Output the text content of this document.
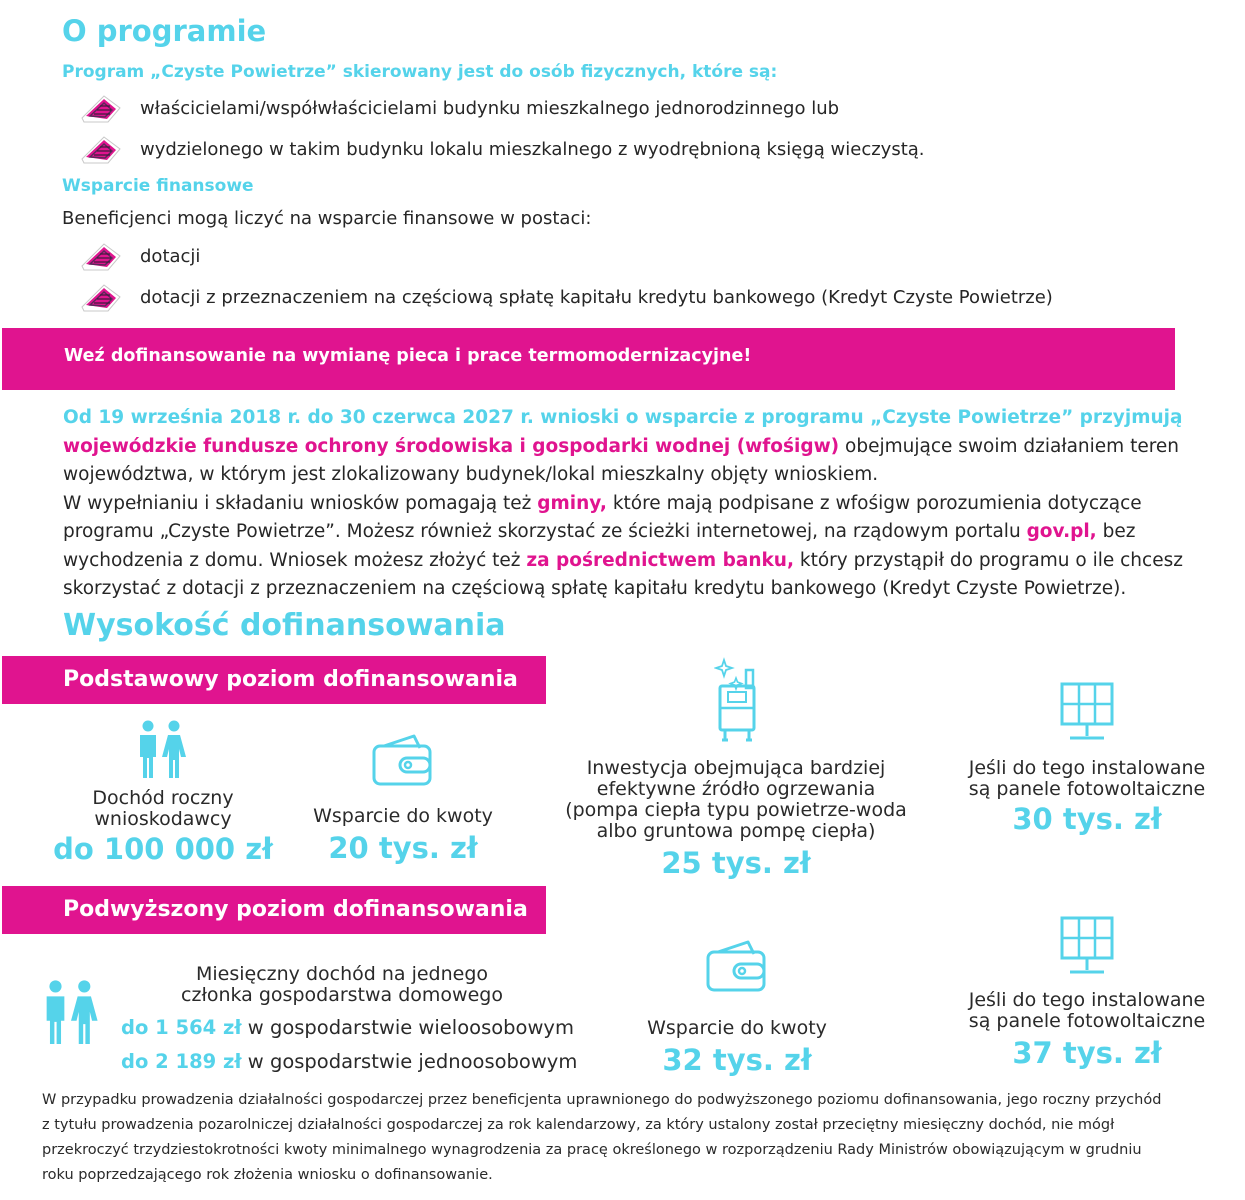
O programie
Program „Czyste Powietrze” skierowany jest do osób fizycznych, które są:
właścicielami/współwłaścicielami budynku mieszkalnego jednorodzinnego lub
wydzielonego w takim budynku lokalu mieszkalnego z wyodrębnioną księgą wieczystą.
Wsparcie finansowe
Beneficjenci mogą liczyć na wsparcie finansowe w postaci:
dotacji
dotacji z przeznaczeniem na częściową spłatę kapitału kredytu bankowego (Kredyt Czyste Powietrze)
Weź dofinansowanie na wymianę pieca i prace termomodernizacyjne!
Od 19 września 2018 r. do 30 czerwca 2027 r. wnioski o wsparcie z programu „Czyste Powietrze” przyjmują
wojewódzkie fundusze ochrony środowiska i gospodarki wodnej (wfośigw) obejmujące swoim działaniem teren
województwa, w którym jest zlokalizowany budynek/lokal mieszkalny objęty wnioskiem.
W wypełnianiu i składaniu wniosków pomagają też gminy, które mają podpisane z wfośigw porozumienia dotyczące
programu „Czyste Powietrze”. Możesz również skorzystać ze ścieżki internetowej, na rządowym portalu gov.pl, bez
wychodzenia z domu. Wniosek możesz złożyć też za pośrednictwem banku, który przystąpił do programu o ile chcesz
skorzystać z dotacji z przeznaczeniem na częściową spłatę kapitału kredytu bankowego (Kredyt Czyste Powietrze).
Wysokość dofinansowania
Podstawowy poziom dofinansowania
Dochód roczny
wnioskodawcy
do 100 000 zł
Wsparcie do kwoty
20 tys. zł
Inwestycja obejmująca bardziej
efektywne źródło ogrzewania
(pompa ciepła typu powietrze-woda
albo gruntowa pompę ciepła)
25 tys. zł
Jeśli do tego instalowane
są panele fotowoltaiczne
30 tys. zł
Podwyższony poziom dofinansowania
Miesięczny dochód na jednego
członka gospodarstwa domowego
do 1 564 zł w gospodarstwie wieloosobowym
do 2 189 zł w gospodarstwie jednoosobowym
Wsparcie do kwoty
32 tys. zł
Jeśli do tego instalowane
są panele fotowoltaiczne
37 tys. zł
W przypadku prowadzenia działalności gospodarczej przez beneficjenta uprawnionego do podwyższonego poziomu dofinansowania, jego roczny przychód
z tytułu prowadzenia pozarolniczej działalności gospodarczej za rok kalendarzowy, za który ustalony został przeciętny miesięczny dochód, nie mógł
przekroczyć trzydziestokrotności kwoty minimalnego wynagrodzenia za pracę określonego w rozporządzeniu Rady Ministrów obowiązującym w grudniu
roku poprzedzającego rok złożenia wniosku o dofinansowanie.
